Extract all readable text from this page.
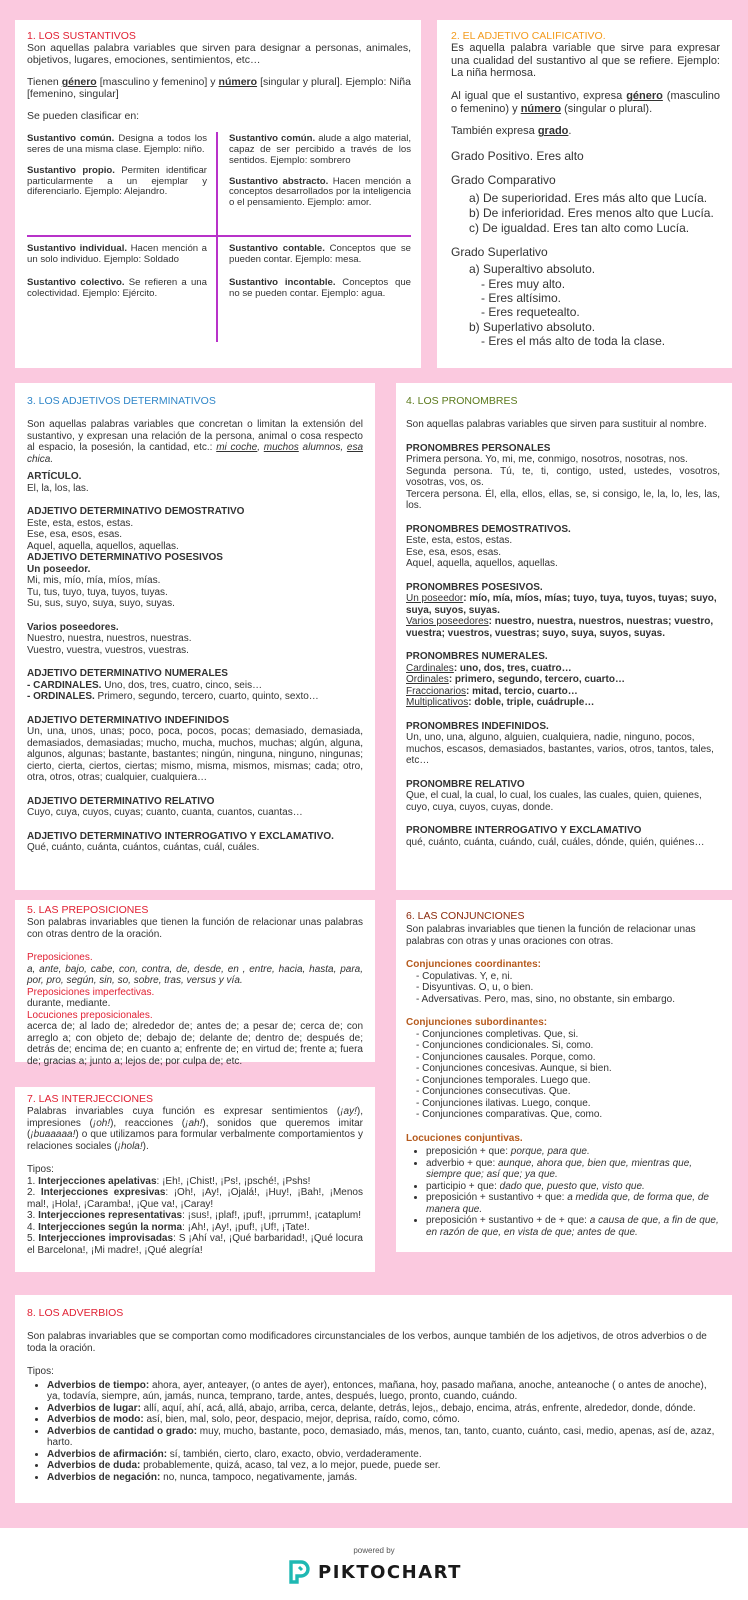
1. LOS SUSTANTIVOS

Son aquellas palabra variables que sirven para designar a personas, animales, objetivos, lugares, emociones, sentimientos, etc…

Tienen género [masculino y femenino] y número [singular y plural]. Ejemplo: Niña [femenino, singular]

Se pueden clasificar en:

Sustantivo común. Designa a todos los seres de una misma clase. Ejemplo: niño.

Sustantivo propio. Permiten identificar particularmente a un ejemplar y diferenciarlo. Ejemplo: Alejandro.

Sustantivo común. alude a algo material, capaz de ser percibido a través de los sentidos. Ejemplo: sombrero

Sustantivo abstracto. Hacen mención a conceptos desarrollados por la inteligencia o el pensamiento. Ejemplo: amor.

Sustantivo individual. Hacen mención a un solo individuo. Ejemplo: Soldado

Sustantivo colectivo. Se refieren a una colectividad. Ejemplo: Ejército.

Sustantivo contable. Conceptos que se pueden contar. Ejemplo: mesa.

Sustantivo incontable. Conceptos que no se pueden contar. Ejemplo: agua.

2. EL ADJETIVO CALIFICATIVO.

Es aquella palabra variable que sirve para expresar una cualidad del sustantivo al que se refiere. Ejemplo: La niña hermosa.

Al igual que el sustantivo, expresa género (masculino o femenino) y número (singular o plural).

También expresa grado.

Grado Positivo. Eres alto

Grado Comparativo

a) De superioridad. Eres más alto que Lucía.

b) De inferioridad. Eres menos alto que Lucía.

c) De igualdad. Eres tan alto como Lucía.

Grado Superlativo

a) Superaltivo absoluto.

- Eres muy alto.

- Eres altísimo.

- Eres requetealto.

b) Superlativo absoluto.

- Eres el más alto de toda la clase.

3. LOS ADJETIVOS DETERMINATIVOS

Son aquellas palabras variables que concretan o limitan la extensión del sustantivo, y expresan una relación de la persona, animal o cosa respecto al espacio, la posesión, la cantidad, etc.: mi coche, muchos alumnos, esa chica.

ARTÍCULO.

El, la, los, las.

ADJETIVO DETERMINATIVO DEMOSTRATIVO

Este, esta, estos, estas.

Ese, esa, esos, esas.

Aquel, aquella, aquellos, aquellas.

ADJETIVO DETERMINATIVO POSESIVOS

Un poseedor.

Mi, mis, mío, mía, míos, mías.

Tu, tus, tuyo, tuya, tuyos, tuyas.

Su, sus, suyo, suya, suyo, suyas.

Varios poseedores.

Nuestro, nuestra, nuestros, nuestras.

Vuestro, vuestra, vuestros, vuestras.

ADJETIVO DETERMINATIVO NUMERALES

- CARDINALES. Uno, dos, tres, cuatro, cinco, seis…

- ORDINALES. Primero, segundo, tercero, cuarto, quinto, sexto…

ADJETIVO DETERMINATIVO INDEFINIDOS

Un, una, unos, unas; poco, poca, pocos, pocas; demasiado, demasiada, demasiados, demasiadas; mucho, mucha, muchos, muchas; algún, alguna, algunos, algunas; bastante, bastantes; ningún, ninguna, ninguno, ningunas; cierto, cierta, ciertos, ciertas; mismo, misma, mismos, mismas; cada; otro, otra, otros, otras; cualquier, cualquiera…

ADJETIVO DETERMINATIVO RELATIVO

Cuyo, cuya, cuyos, cuyas; cuanto, cuanta, cuantos, cuantas…

ADJETIVO DETERMINATIVO INTERROGATIVO Y EXCLAMATIVO.

Qué, cuánto, cuánta, cuántos, cuántas, cuál, cuáles.

4. LOS PRONOMBRES

Son aquellas palabras variables que sirven para sustituir al nombre.

PRONOMBRES PERSONALES

Primera persona. Yo, mi, me, conmigo, nosotros, nosotras, nos.

Segunda persona. Tú, te, ti, contigo, usted, ustedes, vosotros, vosotras, vos, os.

Tercera persona. Él, ella, ellos, ellas, se, si consigo, le, la, lo, les, las, los.

PRONOMBRES DEMOSTRATIVOS.

Este, esta, estos, estas.

Ese, esa, esos, esas.

Aquel, aquella, aquellos, aquellas.

PRONOMBRES POSESIVOS.

Un poseedor: mío, mía, míos, mías; tuyo, tuya, tuyos, tuyas; suyo, suya, suyos, suyas.

Varios poseedores: nuestro, nuestra, nuestros, nuestras; vuestro, vuestra; vuestros, vuestras; suyo, suya, suyos, suyas.

PRONOMBRES NUMERALES.

Cardinales: uno, dos, tres, cuatro…

Ordinales: primero, segundo, tercero, cuarto…

Fraccionarios: mitad, tercio, cuarto…

Multiplicativos: doble, triple, cuádruple…

PRONOMBRES INDEFINIDOS.

Un, uno, una, alguno, alguien, cualquiera, nadie, ninguno, pocos, muchos, escasos, demasiados, bastantes, varios, otros, tantos, tales, etc…

PRONOMBRE RELATIVO

Que, el cual, la cual, lo cual, los cuales, las cuales, quien, quienes, cuyo, cuya, cuyos, cuyas, donde.

PRONOMBRE INTERROGATIVO Y EXCLAMATIVO

qué, cuánto, cuánta, cuándo, cuál, cuáles, dónde, quién, quiénes…

5. LAS PREPOSICIONES

Son palabras invariables que tienen la función de relacionar unas palabras con otras dentro de la oración.

Preposiciones.

a, ante, bajo, cabe, con, contra, de, desde, en , entre, hacia, hasta, para, por, pro, según, sin, so, sobre, tras, versus y vía.

Preposiciones imperfectivas.

durante, mediante.

Locuciones preposicionales.

acerca de; al lado de; alrededor de; antes de; a pesar de; cerca de; con arreglo a; con objeto de; debajo de; delante de; dentro de; después de; detrás de; encima de; en cuanto a; enfrente de; en virtud de; frente a; fuera de; gracias a; junto a; lejos de; por culpa de; etc.

6. LAS CONJUNCIONES

Son palabras invariables que tienen la función de relacionar unas palabras con otras y unas oraciones con otras.

Conjunciones coordinantes:

- Copulativas. Y, e, ni.

- Disyuntivas. O, u, o bien.

- Adversativas. Pero, mas, sino, no obstante, sin embargo.

Conjunciones subordinantes:

- Conjunciones completivas. Que, si.

- Conjunciones condicionales. Si, como.

- Conjunciones causales. Porque, como.

- Conjunciones concesivas. Aunque, si bien.

- Conjunciones temporales. Luego que.

- Conjunciones consecutivas. Que.

- Conjunciones ilativas. Luego, conque.

- Conjunciones comparativas. Que, como.

Locuciones conjuntivas.

• preposición + que: porque, para que.
• adverbio + que: aunque, ahora que, bien que, mientras que, siempre que; así que; ya que.
• participio + que: dado que, puesto que, visto que.
• preposición + sustantivo + que: a medida que, de forma que, de manera que.
• preposición + sustantivo + de + que: a causa de que, a fin de que, en razón de que, en vista de que; antes de que.

7. LAS INTERJECCIONES

Palabras invariables cuya función es expresar sentimientos (¡ay!), impresiones (¡oh!), reacciones (¡ah!), sonidos que queremos imitar (¡buaaaaa!) o que utilizamos para formular verbalmente comportamientos y relaciones sociales (¡hola!).

Tipos:

1. Interjecciones apelativas: ¡Eh!, ¡Chist!, ¡Ps!, ¡psché!, ¡Pshs!

2. Interjecciones expresivas: ¡Oh!, ¡Ay!, ¡Ojalá!, ¡Huy!, ¡Bah!, ¡Menos mal!, ¡Hola!, ¡Caramba!, ¡Que va!, ¡Caray!

3. Interjecciones representativas: ¡sus!, ¡plaf!, ¡puf!, ¡prrumm!, ¡cataplum!

4. Interjecciones según la norma: ¡Ah!, ¡Ay!, ¡puf!, ¡Uf!, ¡Tate!.

5. Interjecciones improvisadas: S ¡Ahí va!, ¡Qué barbaridad!, ¡Qué locura el Barcelona!, ¡Mi madre!, ¡Qué alegría!

8. LOS ADVERBIOS

Son palabras invariables que se comportan como modificadores circunstanciales de los verbos, aunque también de los adjetivos, de otros adverbios o de toda la oración.

Tipos:

• Adverbios de tiempo: ahora, ayer, anteayer, (o antes de ayer), entonces, mañana, hoy, pasado mañana, anoche, anteanoche ( o antes de anoche), ya, todavía, siempre, aún, jamás, nunca, temprano, tarde, antes, después, luego, pronto, cuando, cuándo.
• Adverbios de lugar: allí, aquí, ahí, acá, allá, abajo, arriba, cerca, delante, detrás, lejos,, debajo, encima, atrás, enfrente, alrededor, donde, dónde.
• Adverbios de modo: así, bien, mal, solo, peor, despacio, mejor, deprisa, raído, como, cómo.
• Adverbios de cantidad o grado: muy, mucho, bastante, poco, demasiado, más, menos, tan, tanto, cuanto, cuánto, casi, medio, apenas, así de, azaz, harto.
• Adverbios de afirmación: sí, también, cierto, claro, exacto, obvio, verdaderamente.
• Adverbios de duda: probablemente, quizá, acaso, tal vez, a lo mejor, puede, puede ser.
• Adverbios de negación: no, nunca, tampoco, negativamente, jamás.
powered by
PIKTOCHART
